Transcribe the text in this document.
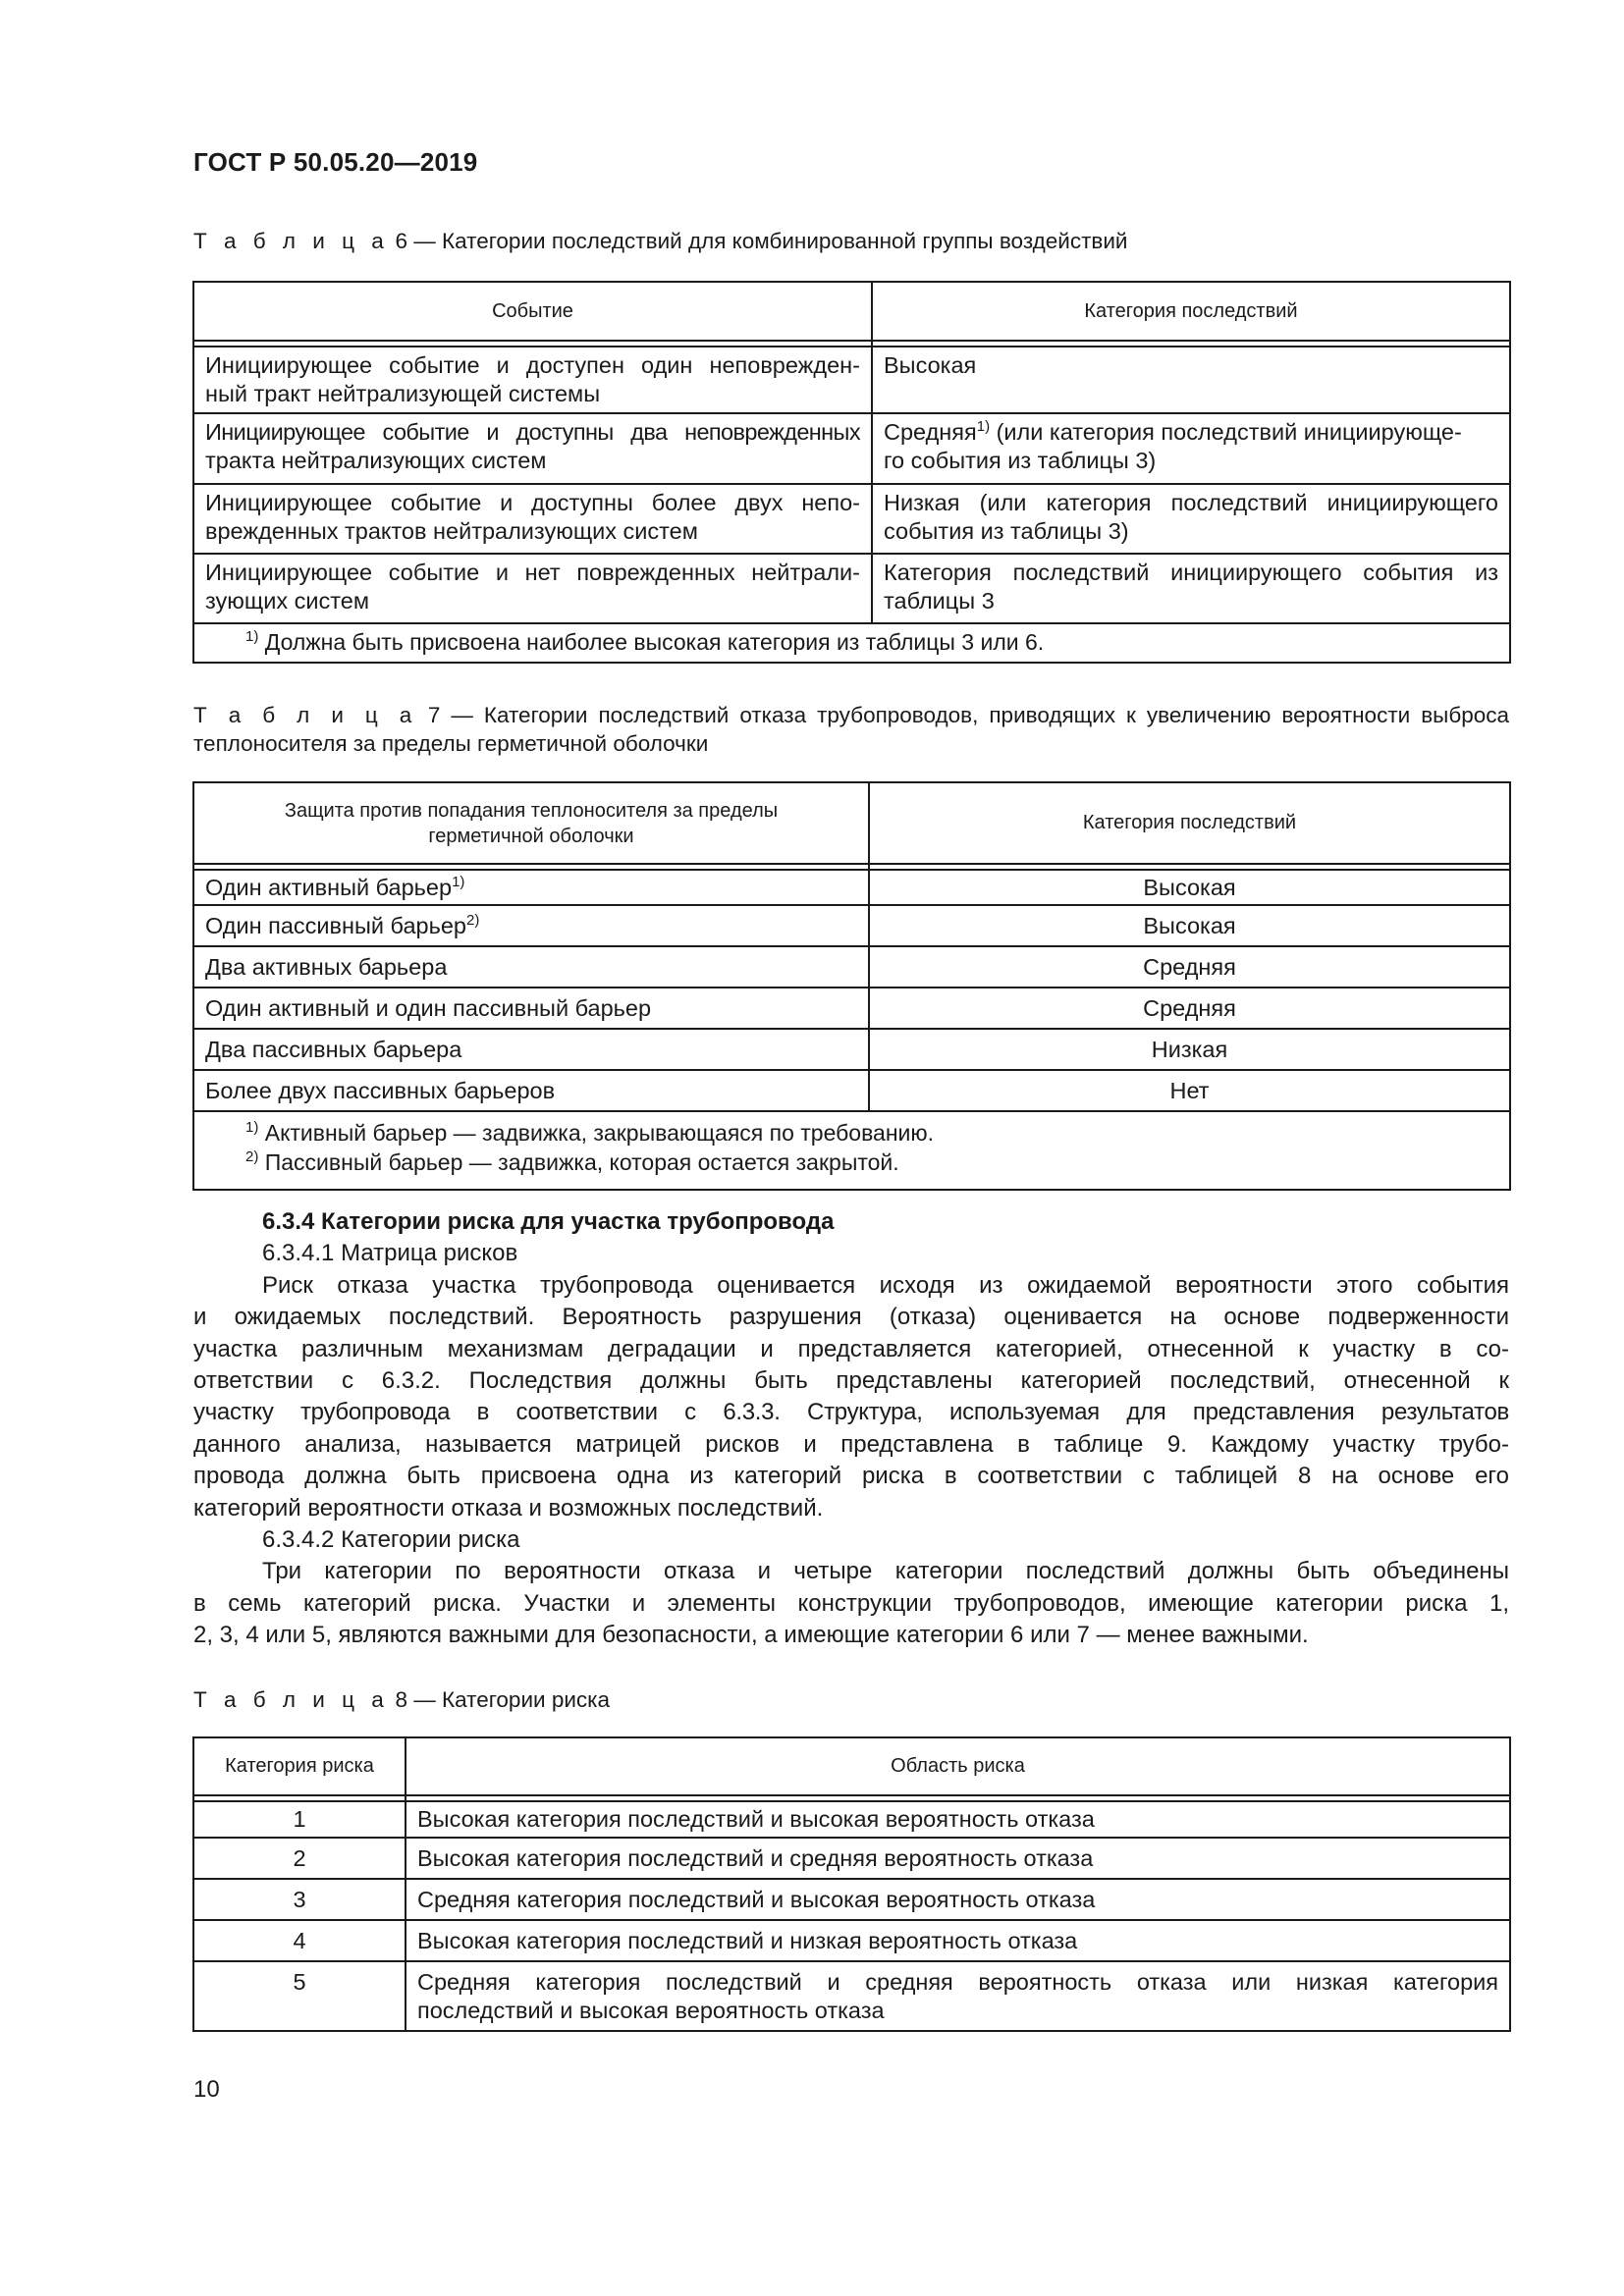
ГОСТ Р 50.05.20—2019
Т а б л и ц а 6 — Категории последствий для комбинированной группы воздействий
Событие	Категория последствий

Инициирующее событие и доступен один неповрежден-
ный тракт нейтрализующей системы	Высокая

Инициирующее событие и доступны два неповрежденных
тракта нейтрализующих систем	Средняя$^{1)}$ (или категория последствий инициирующе-
го события из таблицы 3)

Инициирующее событие и доступны более двух непо-
врежденных трактов нейтрализующих систем	Низкая (или категория последствий инициирующего
события из таблицы 3)

Инициирующее событие и нет поврежденных нейтрали-
зующих систем	Категория последствий инициирующего события из
таблицы 3

$^{1)}$ Должна быть присвоена наиболее высокая категория из таблицы 3 или 6.	
Т а б л и ц а 7 — Категории последствий отказа трубопроводов, приводящих к увеличению вероятности выброса
теплоносителя за пределы герметичной оболочки
Защита против попадания теплоносителя за пределы
герметичной оболочки	Категория последствий

Один активный барьер$^{1)}$	Высокая
Один пассивный барьер$^{2)}$	Высокая
Два активных барьера	Средняя
Один активный и один пассивный барьер	Средняя
Два пассивных барьера	Низкая
Более двух пассивных барьеров	Нет

$^{1)}$ Активный барьер — задвижка, закрывающаяся по требованию.
$^{2)}$ Пассивный барьер — задвижка, которая остается закрытой.	
6.3.4 Категории риска для участка трубопровода
6.3.4.1 Матрица рисков
Риск отказа участка трубопровода оценивается исходя из ожидаемой вероятности этого события
и ожидаемых последствий. Вероятность разрушения (отказа) оценивается на основе подверженности
участка различным механизмам деградации и представляется категорией, отнесенной к участку в со-
ответствии с 6.3.2. Последствия должны быть представлены категорией последствий, отнесенной к
участку трубопровода в соответствии с 6.3.3. Структура, используемая для представления результатов
данного анализа, называется матрицей рисков и представлена в таблице 9. Каждому участку трубо-
провода должна быть присвоена одна из категорий риска в соответствии с таблицей 8 на основе его
категорий вероятности отказа и возможных последствий.
6.3.4.2 Категории риска
Три категории по вероятности отказа и четыре категории последствий должны быть объединены
в семь категорий риска. Участки и элементы конструкции трубопроводов, имеющие категории риска 1,
2, 3, 4 или 5, являются важными для безопасности, а имеющие категории 6 или 7 — менее важными.
Т а б л и ц а 8 — Категории риска
Категория риска	Область риска

1	Высокая категория последствий и высокая вероятность отказа
2	Высокая категория последствий и средняя вероятность отказа
3	Средняя категория последствий и высокая вероятность отказа
4	Высокая категория последствий и низкая вероятность отказа
5	Средняя категория последствий и средняя вероятность отказа или низкая категория
последствий и высокая вероятность отказа
10
